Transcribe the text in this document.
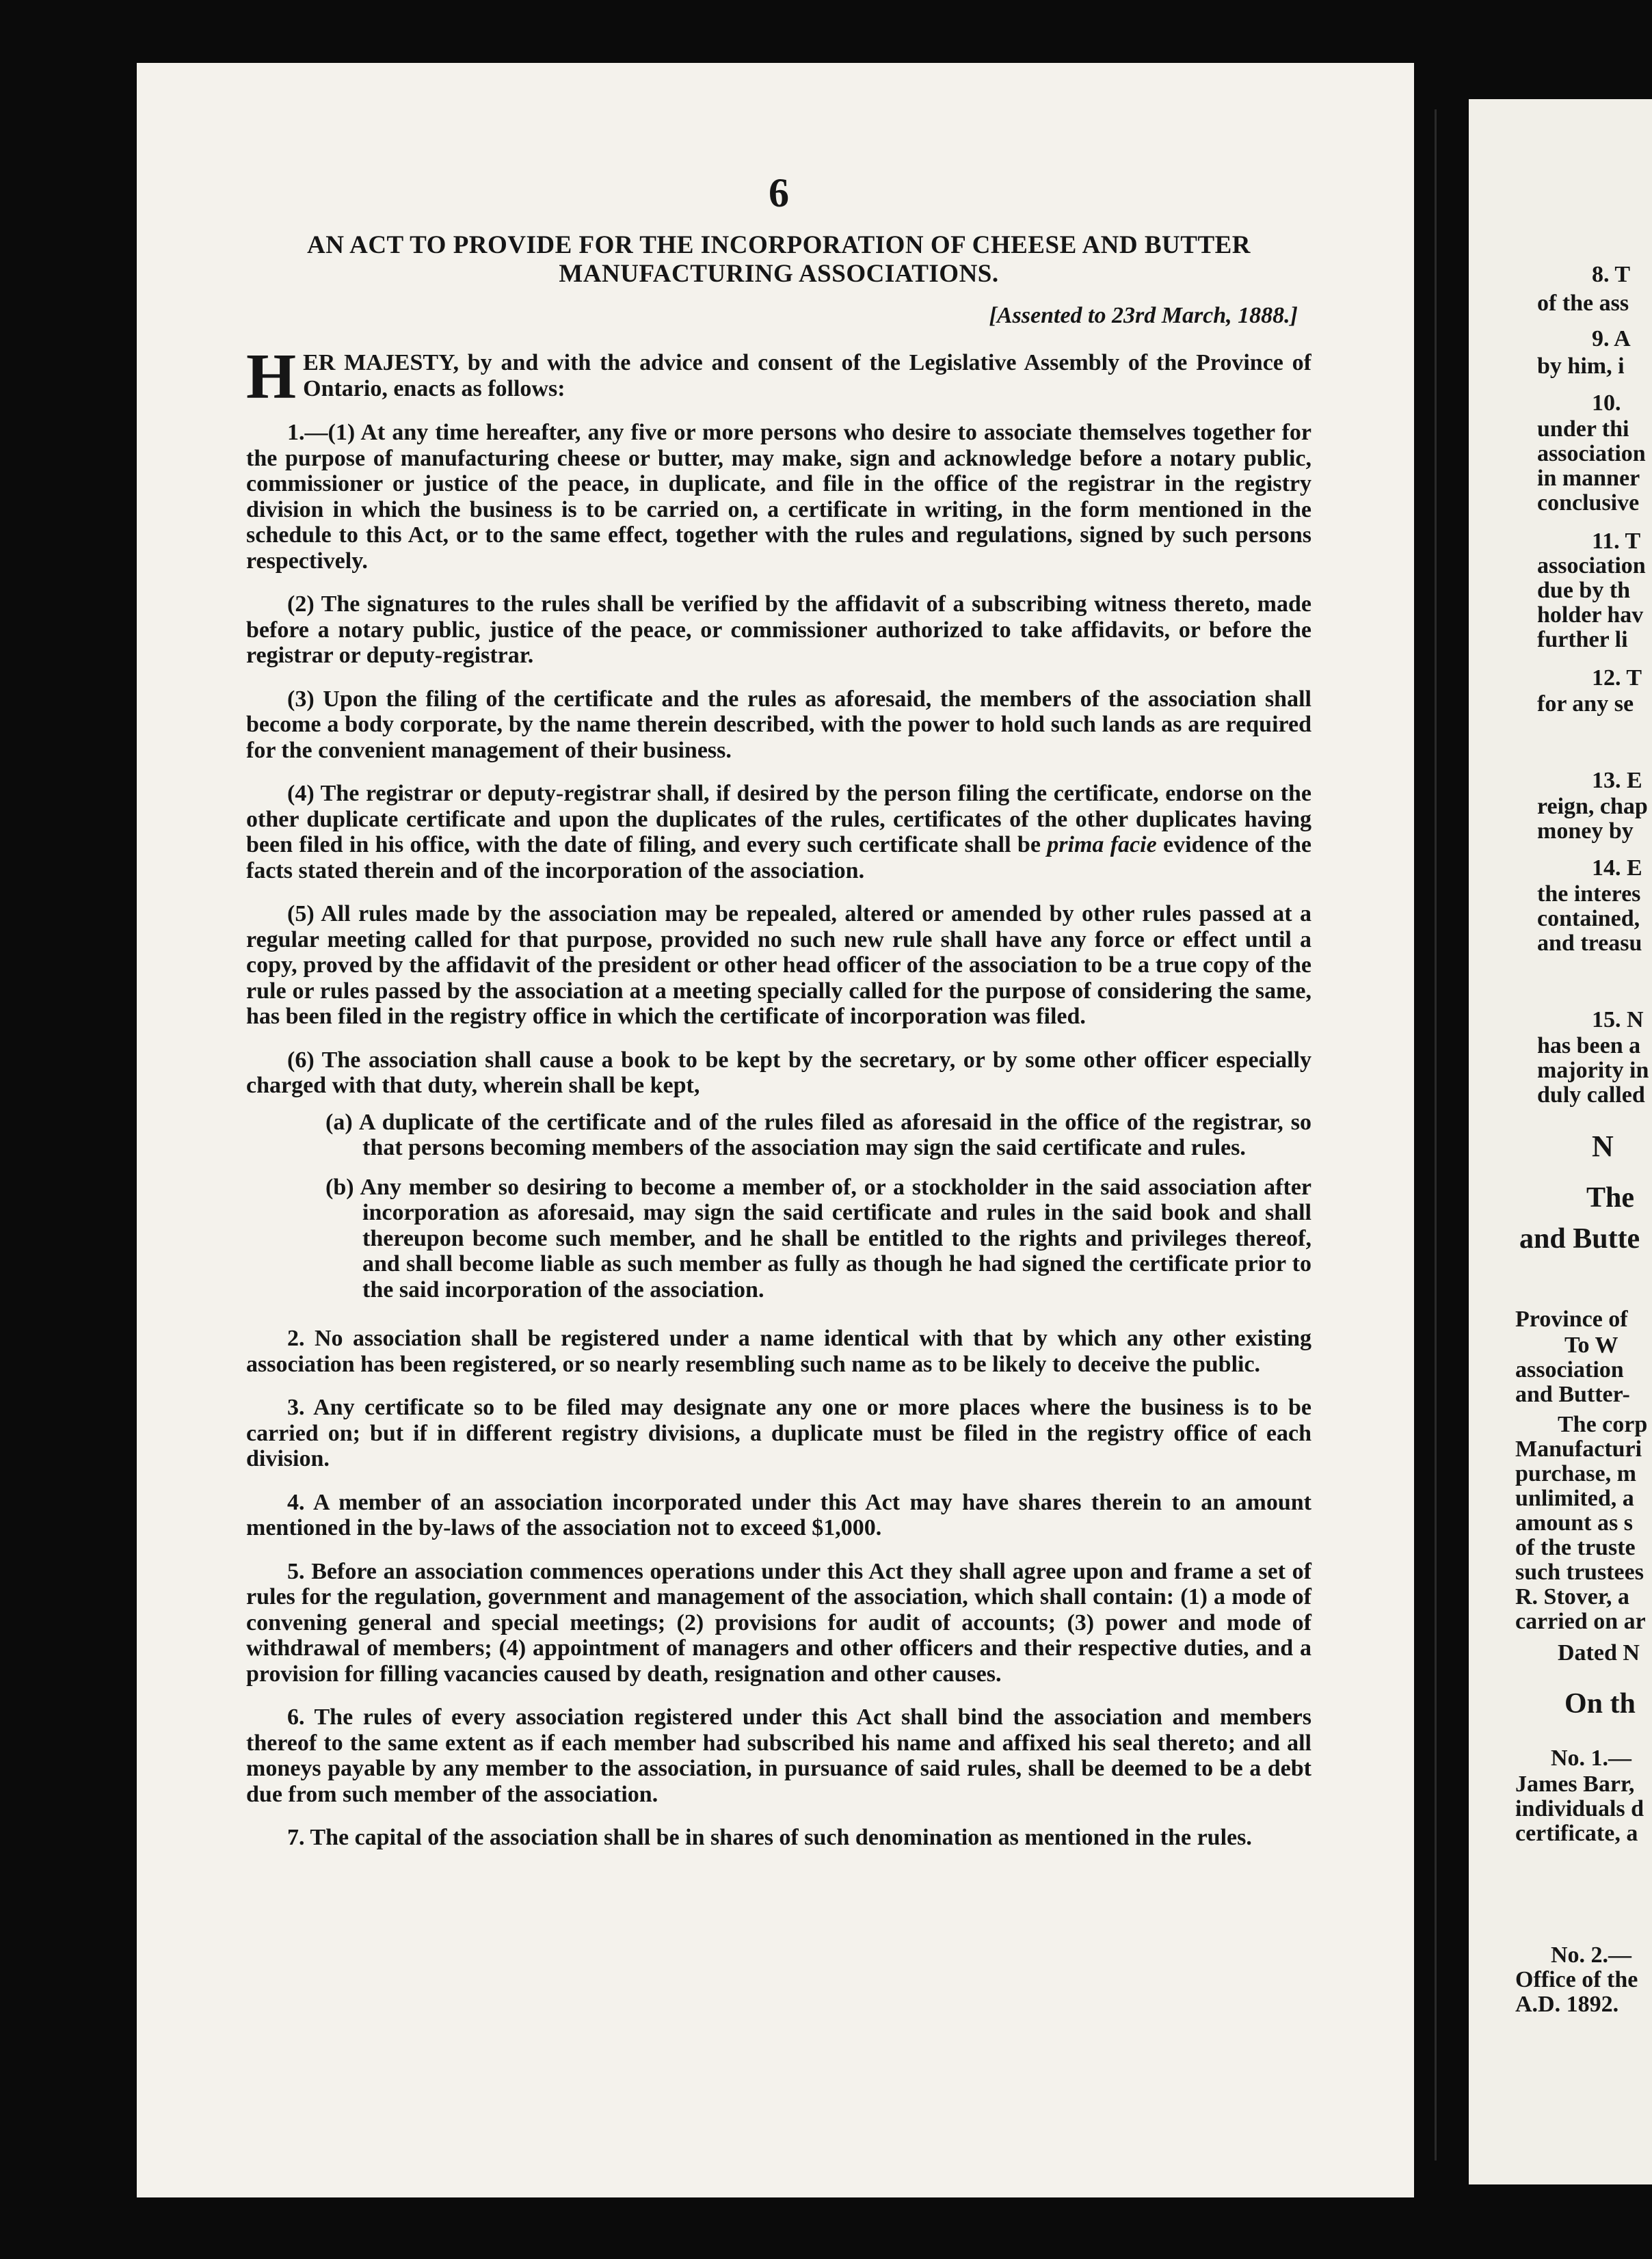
6
AN ACT TO PROVIDE FOR THE INCORPORATION OF CHEESE AND BUTTER MANUFACTURING ASSOCIATIONS.
[Assented to 23rd March, 1888.]
HER MAJESTY, by and with the advice and consent of the Legislative Assembly of the Province of Ontario, enacts as follows:

1.—(1) At any time hereafter, any five or more persons who desire to associate themselves together for the purpose of manufacturing cheese or butter, may make, sign and acknowledge before a notary public, commissioner or justice of the peace, in duplicate, and file in the office of the registrar in the registry division in which the business is to be carried on, a certificate in writing, in the form mentioned in the schedule to this Act, or to the same effect, together with the rules and regulations, signed by such persons respectively.

(2) The signatures to the rules shall be verified by the affidavit of a subscribing witness thereto, made before a notary public, justice of the peace, or commissioner authorized to take affidavits, or before the registrar or deputy-registrar.

(3) Upon the filing of the certificate and the rules as aforesaid, the members of the association shall become a body corporate, by the name therein described, with the power to hold such lands as are required for the convenient management of their business.

(4) The registrar or deputy-registrar shall, if desired by the person filing the certificate, endorse on the other duplicate certificate and upon the duplicates of the rules, certificates of the other duplicates having been filed in his office, with the date of filing, and every such certificate shall be prima facie evidence of the facts stated therein and of the incorporation of the association.

(5) All rules made by the association may be repealed, altered or amended by other rules passed at a regular meeting called for that purpose, provided no such new rule shall have any force or effect until a copy, proved by the affidavit of the president or other head officer of the association to be a true copy of the rule or rules passed by the association at a meeting specially called for the purpose of considering the same, has been filed in the registry office in which the certificate of incorporation was filed.

(6) The association shall cause a book to be kept by the secretary, or by some other officer especially charged with that duty, wherein shall be kept,

(a) A duplicate of the certificate and of the rules filed as aforesaid in the office of the registrar, so that persons becoming members of the association may sign the said certificate and rules.

(b) Any member so desiring to become a member of, or a stockholder in the said association after incorporation as aforesaid, may sign the said certificate and rules in the said book and shall thereupon become such member, and he shall be entitled to the rights and privileges thereof, and shall become liable as such member as fully as though he had signed the certificate prior to the said incorporation of the association.

2. No association shall be registered under a name identical with that by which any other existing association has been registered, or so nearly resembling such name as to be likely to deceive the public.

3. Any certificate so to be filed may designate any one or more places where the business is to be carried on; but if in different registry divisions, a duplicate must be filed in the registry office of each division.

4. A member of an association incorporated under this Act may have shares therein to an amount mentioned in the by-laws of the association not to exceed $1,000.

5. Before an association commences operations under this Act they shall agree upon and frame a set of rules for the regulation, government and management of the association, which shall contain: (1) a mode of convening general and special meetings; (2) provisions for audit of accounts; (3) power and mode of withdrawal of members; (4) appointment of managers and other officers and their respective duties, and a provision for filling vacancies caused by death, resignation and other causes.

6. The rules of every association registered under this Act shall bind the association and members thereof to the same extent as if each member had subscribed his name and affixed his seal thereto; and all moneys payable by any member to the association, in pursuance of said rules, shall be deemed to be a debt due from such member of the association.

7. The capital of the association shall be in shares of such denomination as mentioned in the rules.

8. T
of the ass
9. A
by him, i
10.
under thi
association
in manner
conclusive
11. T
association
due by th
holder hav
further li
12. T
for any se
13. E
reign, chap
money by
14. E
the interes
contained,
and treasu
15. N
has been a
majority in
duly called
N
The
and Butte
Province of
To W
association
and Butter-
The corp
Manufacturi
purchase, m
unlimited, a
amount as s
of the truste
such trustees
R. Stover, a
carried on ar
Dated N
On th
No. 1.—
James Barr,
individuals d
certificate, a
No. 2.—
Office of the
A.D. 1892.
